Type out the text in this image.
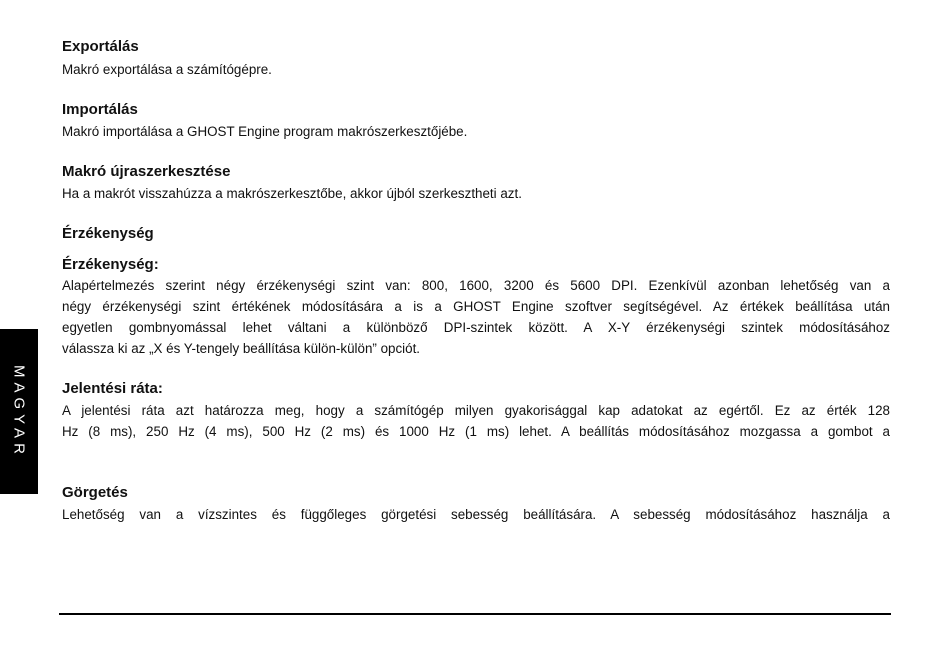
MAGYAR
Exportálás
Makró exportálása a számítógépre.
Importálás
Makró importálása a GHOST Engine program makrószerkesztőjébe.
Makró újraszerkesztése
Ha a makrót visszahúzza a makrószerkesztőbe, akkor újból szerkesztheti azt.
Érzékenység
Érzékenység:
Alapértelmezés szerint négy érzékenységi szint van: 800, 1600, 3200 és 5600 DPI. Ezenkívül azonban lehetőség van a
négy érzékenységi szint értékének módosítására a is a GHOST Engine szoftver segítségével. Az értékek beállítása után
egyetlen gombnyomással lehet váltani a különböző DPI-szintek között. A X-Y érzékenységi szintek módosításához
válassza ki az „X és Y-tengely beállítása külön-külön” opciót.
Jelentési ráta:
A jelentési ráta azt határozza meg, hogy a számítógép milyen gyakorisággal kap adatokat az egértől. Ez az érték 128
Hz (8 ms), 250 Hz (4 ms), 500 Hz (2 ms) és 1000 Hz (1 ms) lehet. A beállítás módosításához mozgassa a gombot a
Görgetés
Lehetőség van a vízszintes és függőleges görgetési sebesség beállítására. A sebesség módosításához használja a
